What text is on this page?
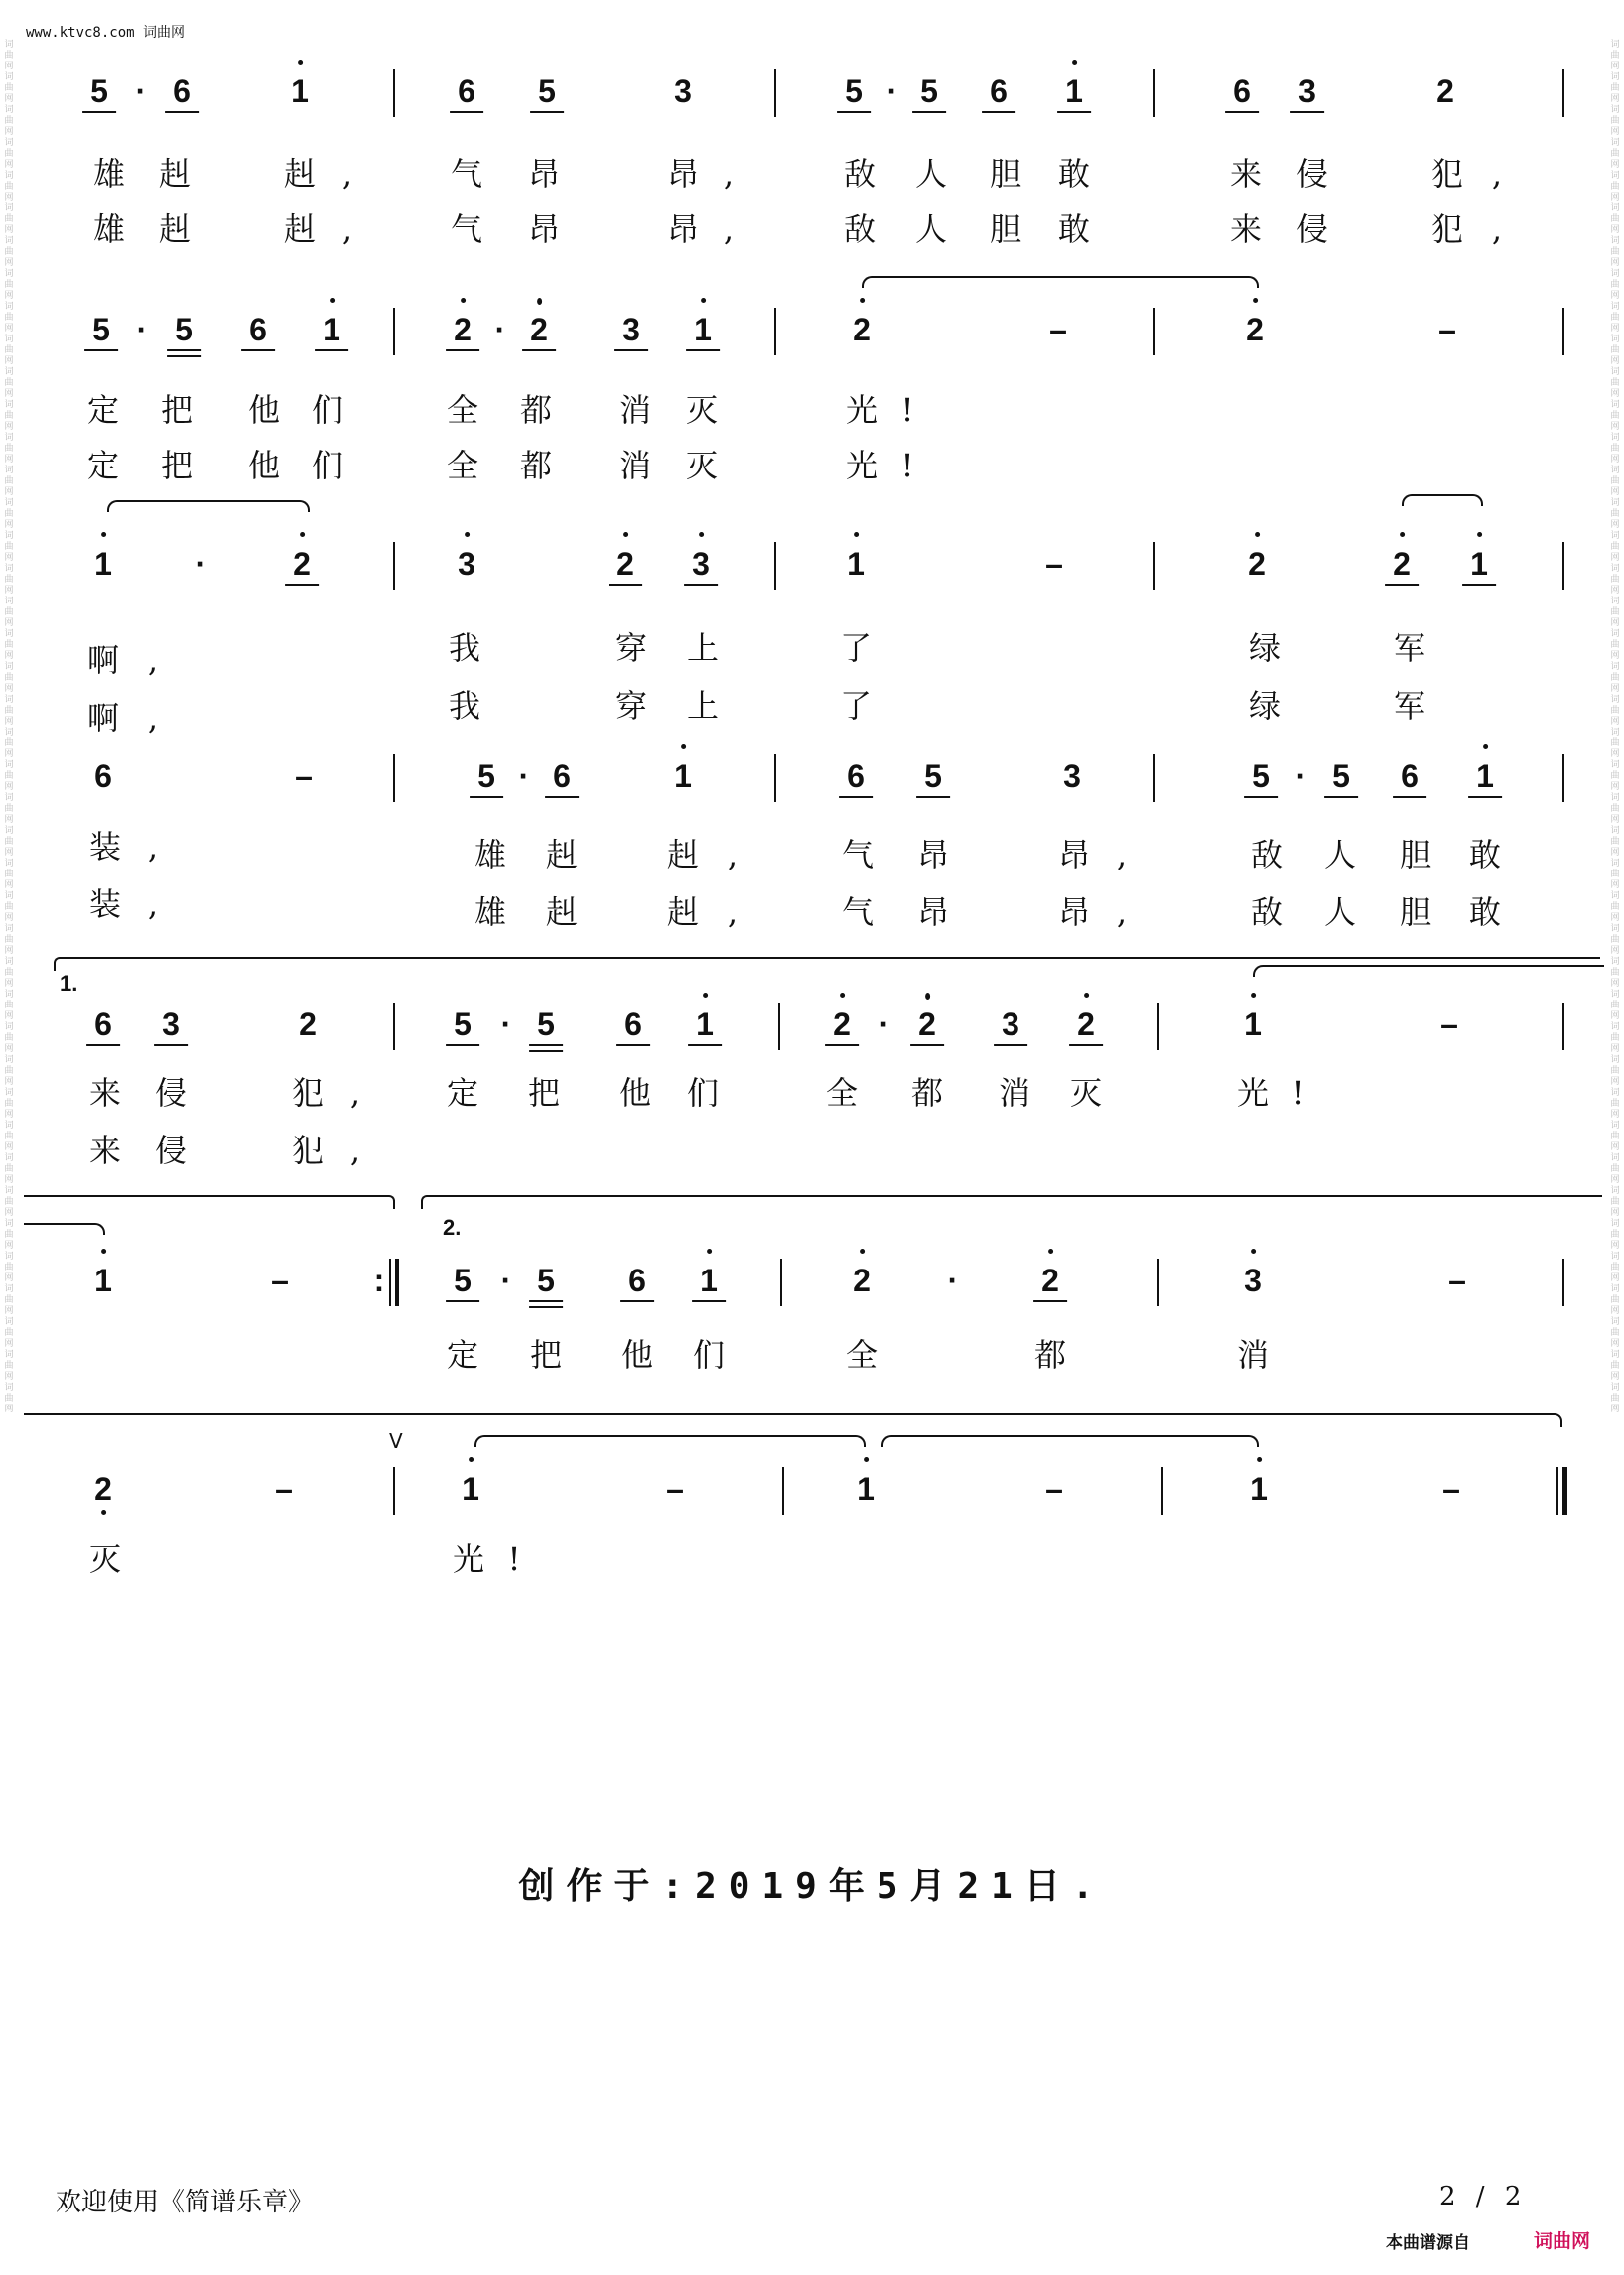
www.ktvc8.com 词曲网
词曲网词曲网词曲网词曲网词曲网词曲网词曲网词曲网词曲网词曲网词曲网词曲网词曲网词曲网词曲网词曲网词曲网词曲网词曲网词曲网词曲网词曲网词曲网词曲网词曲网词曲网词曲网词曲网词曲网词曲网词曲网词曲网词曲网词曲网词曲网词曲网词曲网词曲网词曲网词曲网词曲网词曲网
词曲网词曲网词曲网词曲网词曲网词曲网词曲网词曲网词曲网词曲网词曲网词曲网词曲网词曲网词曲网词曲网词曲网词曲网词曲网词曲网词曲网词曲网词曲网词曲网词曲网词曲网词曲网词曲网词曲网词曲网词曲网词曲网词曲网词曲网词曲网词曲网词曲网词曲网词曲网词曲网词曲网词曲网
5 · 6	1	6 5	3	5 · 5 6 1	6 3	2
雄 赳	赳 ,	气 昂	昂 ,	敌 人 胆 敢	来 侵	犯 ,
雄 赳	赳 ,	气 昂	昂 ,	敌 人 胆 敢	来 侵	犯 ,
5 · 5 6 1	2 · 2 3 1	2	–	2	–
定 把 他 们	全 都 消 灭	光 !
定 把 他 们	全 都 消 灭	光 !
1	·	2	3	2 3	1	–	2	2 1
啊 ,	我	穿 上	了	绿	军
啊 ,	我	穿 上	了	绿	军
6	–	5 · 6	1	6 5	3	5 · 5 6 1
装 ,	雄 赳	赳 ,	气 昂	昂 ,	敌 人 胆 敢
装 ,	雄 赳	赳 ,	气 昂	昂 ,	敌 人 胆 敢
1.
6 3	2	5 · 5 6 1	2 · 2 3 2	1	–
来 侵	犯 ,	定 把 他 们	全 都 消 灭	光 !
来 侵	犯 ,
2.
1	–	: 5 · 5 6 1	2 ·	2	3	–
定 把 他 们	全	都	消
V
2	–	1	–	1	–	1	–
灭	光 !
创作于:2019年5月21日.
欢迎使用《简谱乐章》	2 / 2
本曲谱源自	词曲网
